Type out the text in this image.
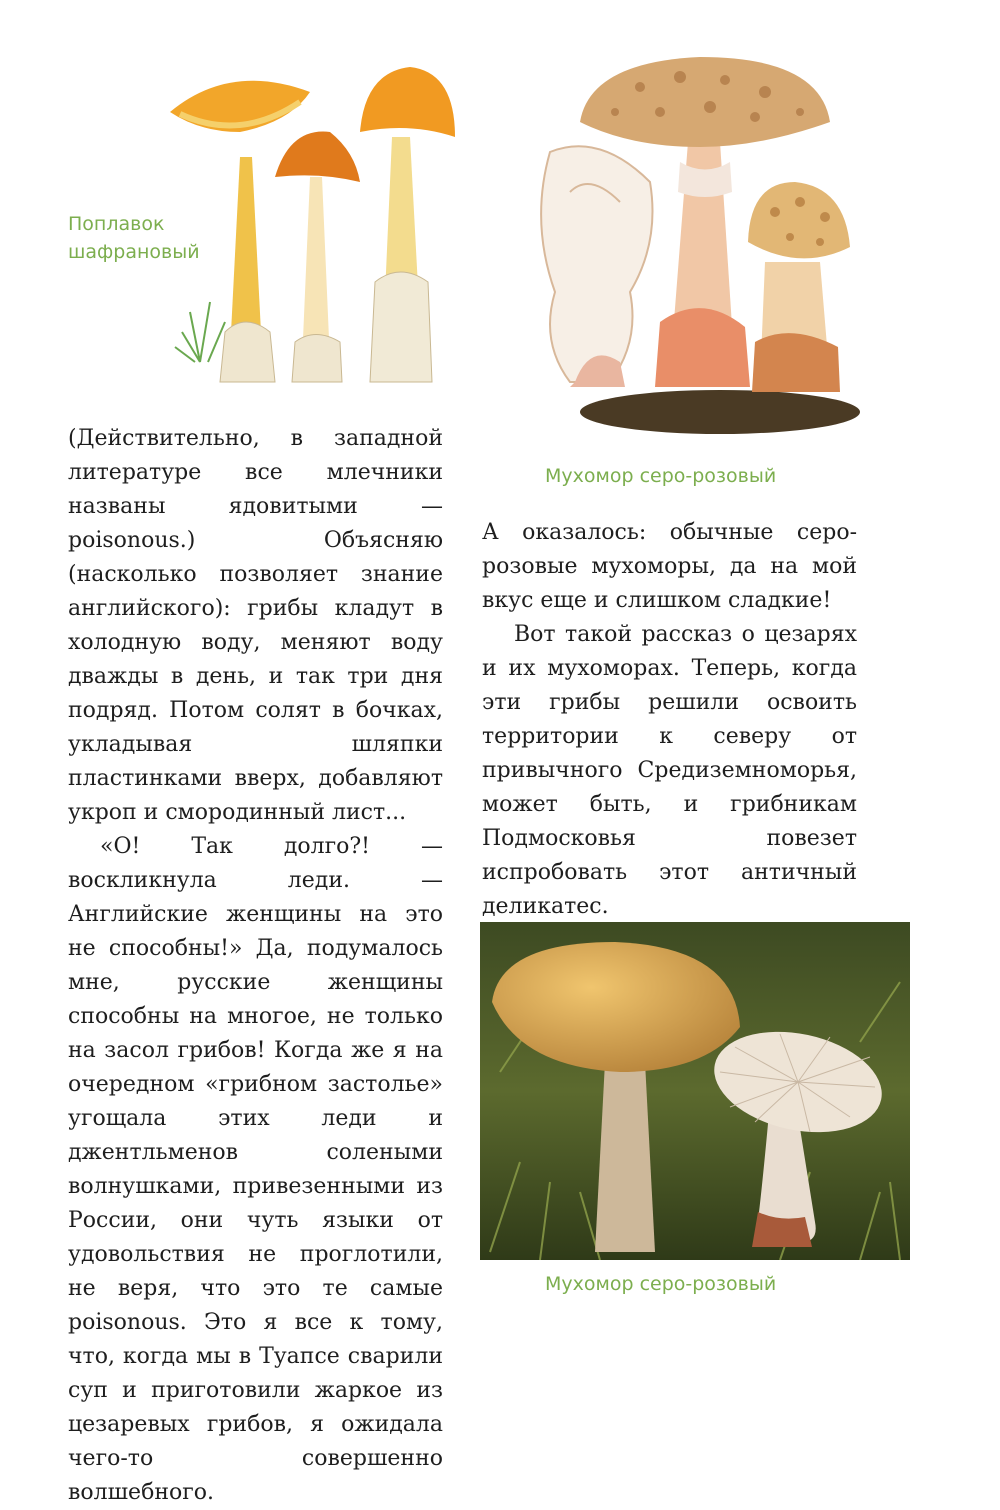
Поплавок
шафрановый

Мухомор серо-розовый

(Действительно, в западной литературе все млечники названы ядовитыми — poisonous.) Объясняю (насколько позволяет знание английского): грибы кладут в холодную воду, меняют воду дважды в день, и так три дня подряд. Потом солят в бочках, укладывая шляпки пластинками вверх, добавляют укроп и смородинный лист...

«О! Так долго?! — воскликнула леди. — Английские женщины на это не способны!» Да, подумалось мне, русские женщины способны на многое, не только на засол грибов! Когда же я на очередном «грибном застолье» угощала этих леди и джентльменов солеными волнушками, привезенными из России, они чуть языки от удовольствия не проглотили, не веря, что это те самые poisonous. Это я все к тому, что, когда мы в Туапсе сварили суп и приготовили жаркое из цезаревых грибов, я ожидала чего-то совершенно волшебного.

А оказалось: обычные серо-розовые мухоморы, да на мой вкус еще и слишком сладкие!

Вот такой рассказ о цезарях и их мухоморах. Теперь, когда эти грибы решили освоить территории к северу от привычного Средиземноморья, может быть, и грибникам Подмосковья повезет испробовать этот античный деликатес.

Мухомор серо-розовый
